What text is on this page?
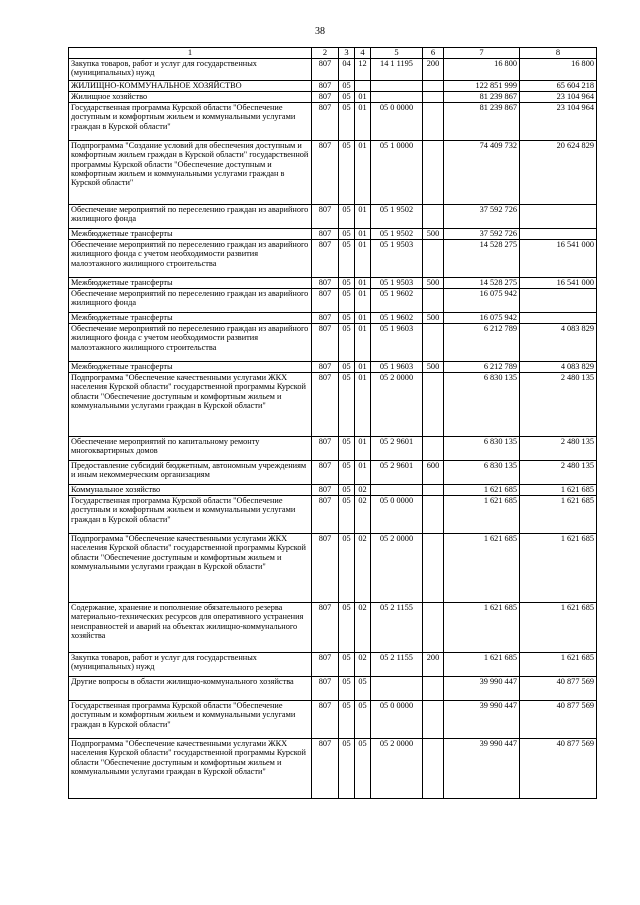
38
1	2	3	4	5	6	7	8
Закупка товаров, работ и услуг для государственных (муниципальных) нужд	807	04	12	14 1 1195	200	16 800	16 800
ЖИЛИЩНО-КОММУНАЛЬНОЕ ХОЗЯЙСТВО	807	05				122 851 999	65 604 218
Жилищное хозяйство	807	05	01			81 239 867	23 104 964
Государственная программа Курской области "Обеспечение доступным и комфортным жильем и коммунальными услугами граждан в Курской области"	807	05	01	05 0 0000		81 239 867	23 104 964
Подпрограмма "Создание условий для обеспечения доступным и комфортным жильем граждан в Курской области" государственной программы Курской области "Обеспечение доступным и комфортным жильем и коммунальными услугами граждан в Курской области"	807	05	01	05 1 0000		74 409 732	20 624 829
Обеспечение мероприятий по переселению граждан из аварийного жилищного фонда	807	05	01	05 1 9502		37 592 726	
Межбюджетные трансферты	807	05	01	05 1 9502	500	37 592 726	
Обеспечение мероприятий по переселению граждан из аварийного жилищного фонда с учетом необходимости развития малоэтажного жилищного строительства	807	05	01	05 1 9503		14 528 275	16 541 000
Межбюджетные трансферты	807	05	01	05 1 9503	500	14 528 275	16 541 000
Обеспечение мероприятий по переселению граждан из аварийного жилищного фонда	807	05	01	05 1 9602		16 075 942	
Межбюджетные трансферты	807	05	01	05 1 9602	500	16 075 942	
Обеспечение мероприятий по переселению граждан из аварийного жилищного фонда с учетом необходимости развития малоэтажного жилищного строительства	807	05	01	05 1 9603		6 212 789	4 083 829
Межбюджетные трансферты	807	05	01	05 1 9603	500	6 212 789	4 083 829
Подпрограмма "Обеспечение качественными услугами ЖКХ населения Курской области" государственной программы Курской области "Обеспечение доступным и комфортным жильем и коммунальными услугами граждан в Курской области"	807	05	01	05 2 0000		6 830 135	2 480 135
Обеспечение мероприятий по капитальному ремонту многоквартирных домов	807	05	01	05 2 9601		6 830 135	2 480 135
Предоставление субсидий бюджетным, автономным учреждениям и иным некоммерческим организациям	807	05	01	05 2 9601	600	6 830 135	2 480 135
Коммунальное хозяйство	807	05	02			1 621 685	1 621 685
Государственная программа Курской области "Обеспечение доступным и комфортным жильем и коммунальными услугами граждан в Курской области"	807	05	02	05 0 0000		1 621 685	1 621 685
Подпрограмма "Обеспечение качественными услугами ЖКХ населения Курской области" государственной программы Курской области "Обеспечение доступным и комфортным жильем и коммунальными услугами граждан в Курской области"	807	05	02	05 2 0000		1 621 685	1 621 685
Содержание, хранение и пополнение обязательного резерва материально-технических ресурсов для оперативного устранения неисправностей и аварий на объектах жилищно-коммунального хозяйства	807	05	02	05 2 1155		1 621 685	1 621 685
Закупка товаров, работ и услуг для государственных (муниципальных) нужд	807	05	02	05 2 1155	200	1 621 685	1 621 685
Другие вопросы в области жилищно-коммунального хозяйства	807	05	05			39 990 447	40 877 569
Государственная программа Курской области "Обеспечение доступным и комфортным жильем и коммунальными услугами граждан в Курской области"	807	05	05	05 0 0000		39 990 447	40 877 569
Подпрограмма "Обеспечение качественными услугами ЖКХ населения Курской области" государственной программы Курской области "Обеспечение доступным и комфортным жильем и коммунальными услугами граждан в Курской области"	807	05	05	05 2 0000		39 990 447	40 877 569
